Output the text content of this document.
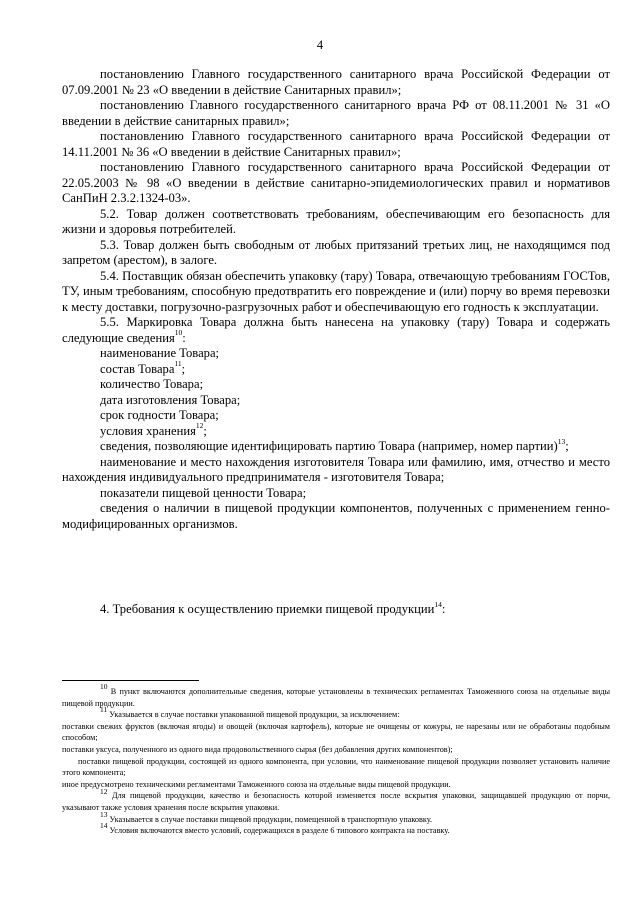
4

постановлению Главного государственного санитарного врача Российской Федерации от 07.09.2001 № 23 «О введении в действие Санитарных правил»;

постановлению Главного государственного санитарного врача РФ от 08.11.2001 № 31 «О введении в действие санитарных правил»;

постановлению Главного государственного санитарного врача Российской Федерации от 14.11.2001 № 36 «О введении в действие Санитарных правил»;

постановлению Главного государственного санитарного врача Российской Федерации от 22.05.2003 № 98 «О введении в действие санитарно-эпидемиологических правил и нормативов СанПиН 2.3.2.1324-03».

5.2. Товар должен соответствовать требованиям, обеспечивающим его безопасность для жизни и здоровья потребителей.

5.3. Товар должен быть свободным от любых притязаний третьих лиц, не находящимся под запретом (арестом), в залоге.

5.4. Поставщик обязан обеспечить упаковку (тару) Товара, отвечающую требованиям ГОСТов, ТУ, иным требованиям, способную предотвратить его повреждение и (или) порчу во время перевозки к месту доставки, погрузочно-разгрузочных работ и обеспечивающую его годность к эксплуатации.

5.5. Маркировка Товара должна быть нанесена на упаковку (тару) Товара и содержать следующие сведения$^{10}$:

наименование Товара;

состав Товара$^{11}$;

количество Товара;

дата изготовления Товара;

срок годности Товара;

условия хранения$^{12}$;

сведения, позволяющие идентифицировать партию Товара (например, номер партии)$^{13}$;

наименование и место нахождения изготовителя Товара или фамилию, имя, отчество и место нахождения индивидуального предпринимателя - изготовителя Товара;

показатели пищевой ценности Товара;

сведения о наличии в пищевой продукции компонентов, полученных с применением генно-модифицированных организмов.

4. Требования к осуществлению приемки пищевой продукции$^{14}$:

$^{10}$ В пункт включаются дополнительные сведения, которые установлены в технических регламентах Таможенного союза на отдельные виды пищевой продукции.

$^{11}$ Указывается в случае поставки упакованной пищевой продукции, за исключением:

поставки свежих фруктов (включая ягоды) и овощей (включая картофель), которые не очищены от кожуры, не нарезаны или не обработаны подобным способом;

поставки уксуса, полученного из одного вида продовольственного сырья (без добавления других компонентов);

поставки пищевой продукции, состоящей из одного компонента, при условии, что наименование пищевой продукции позволяет установить наличие этого компонента;

иное предусмотрено техническими регламентами Таможенного союза на отдельные виды пищевой продукции.

$^{12}$ Для пищевой продукции, качество и безопасность которой изменяется после вскрытия упаковки, защищавшей продукцию от порчи, указывают также условия хранения после вскрытия упаковки.

$^{13}$ Указывается в случае поставки пищевой продукции, помещенной в транспортную упаковку.

$^{14}$ Условия включаются вместо условий, содержащихся в разделе 6 типового контракта на поставку.
